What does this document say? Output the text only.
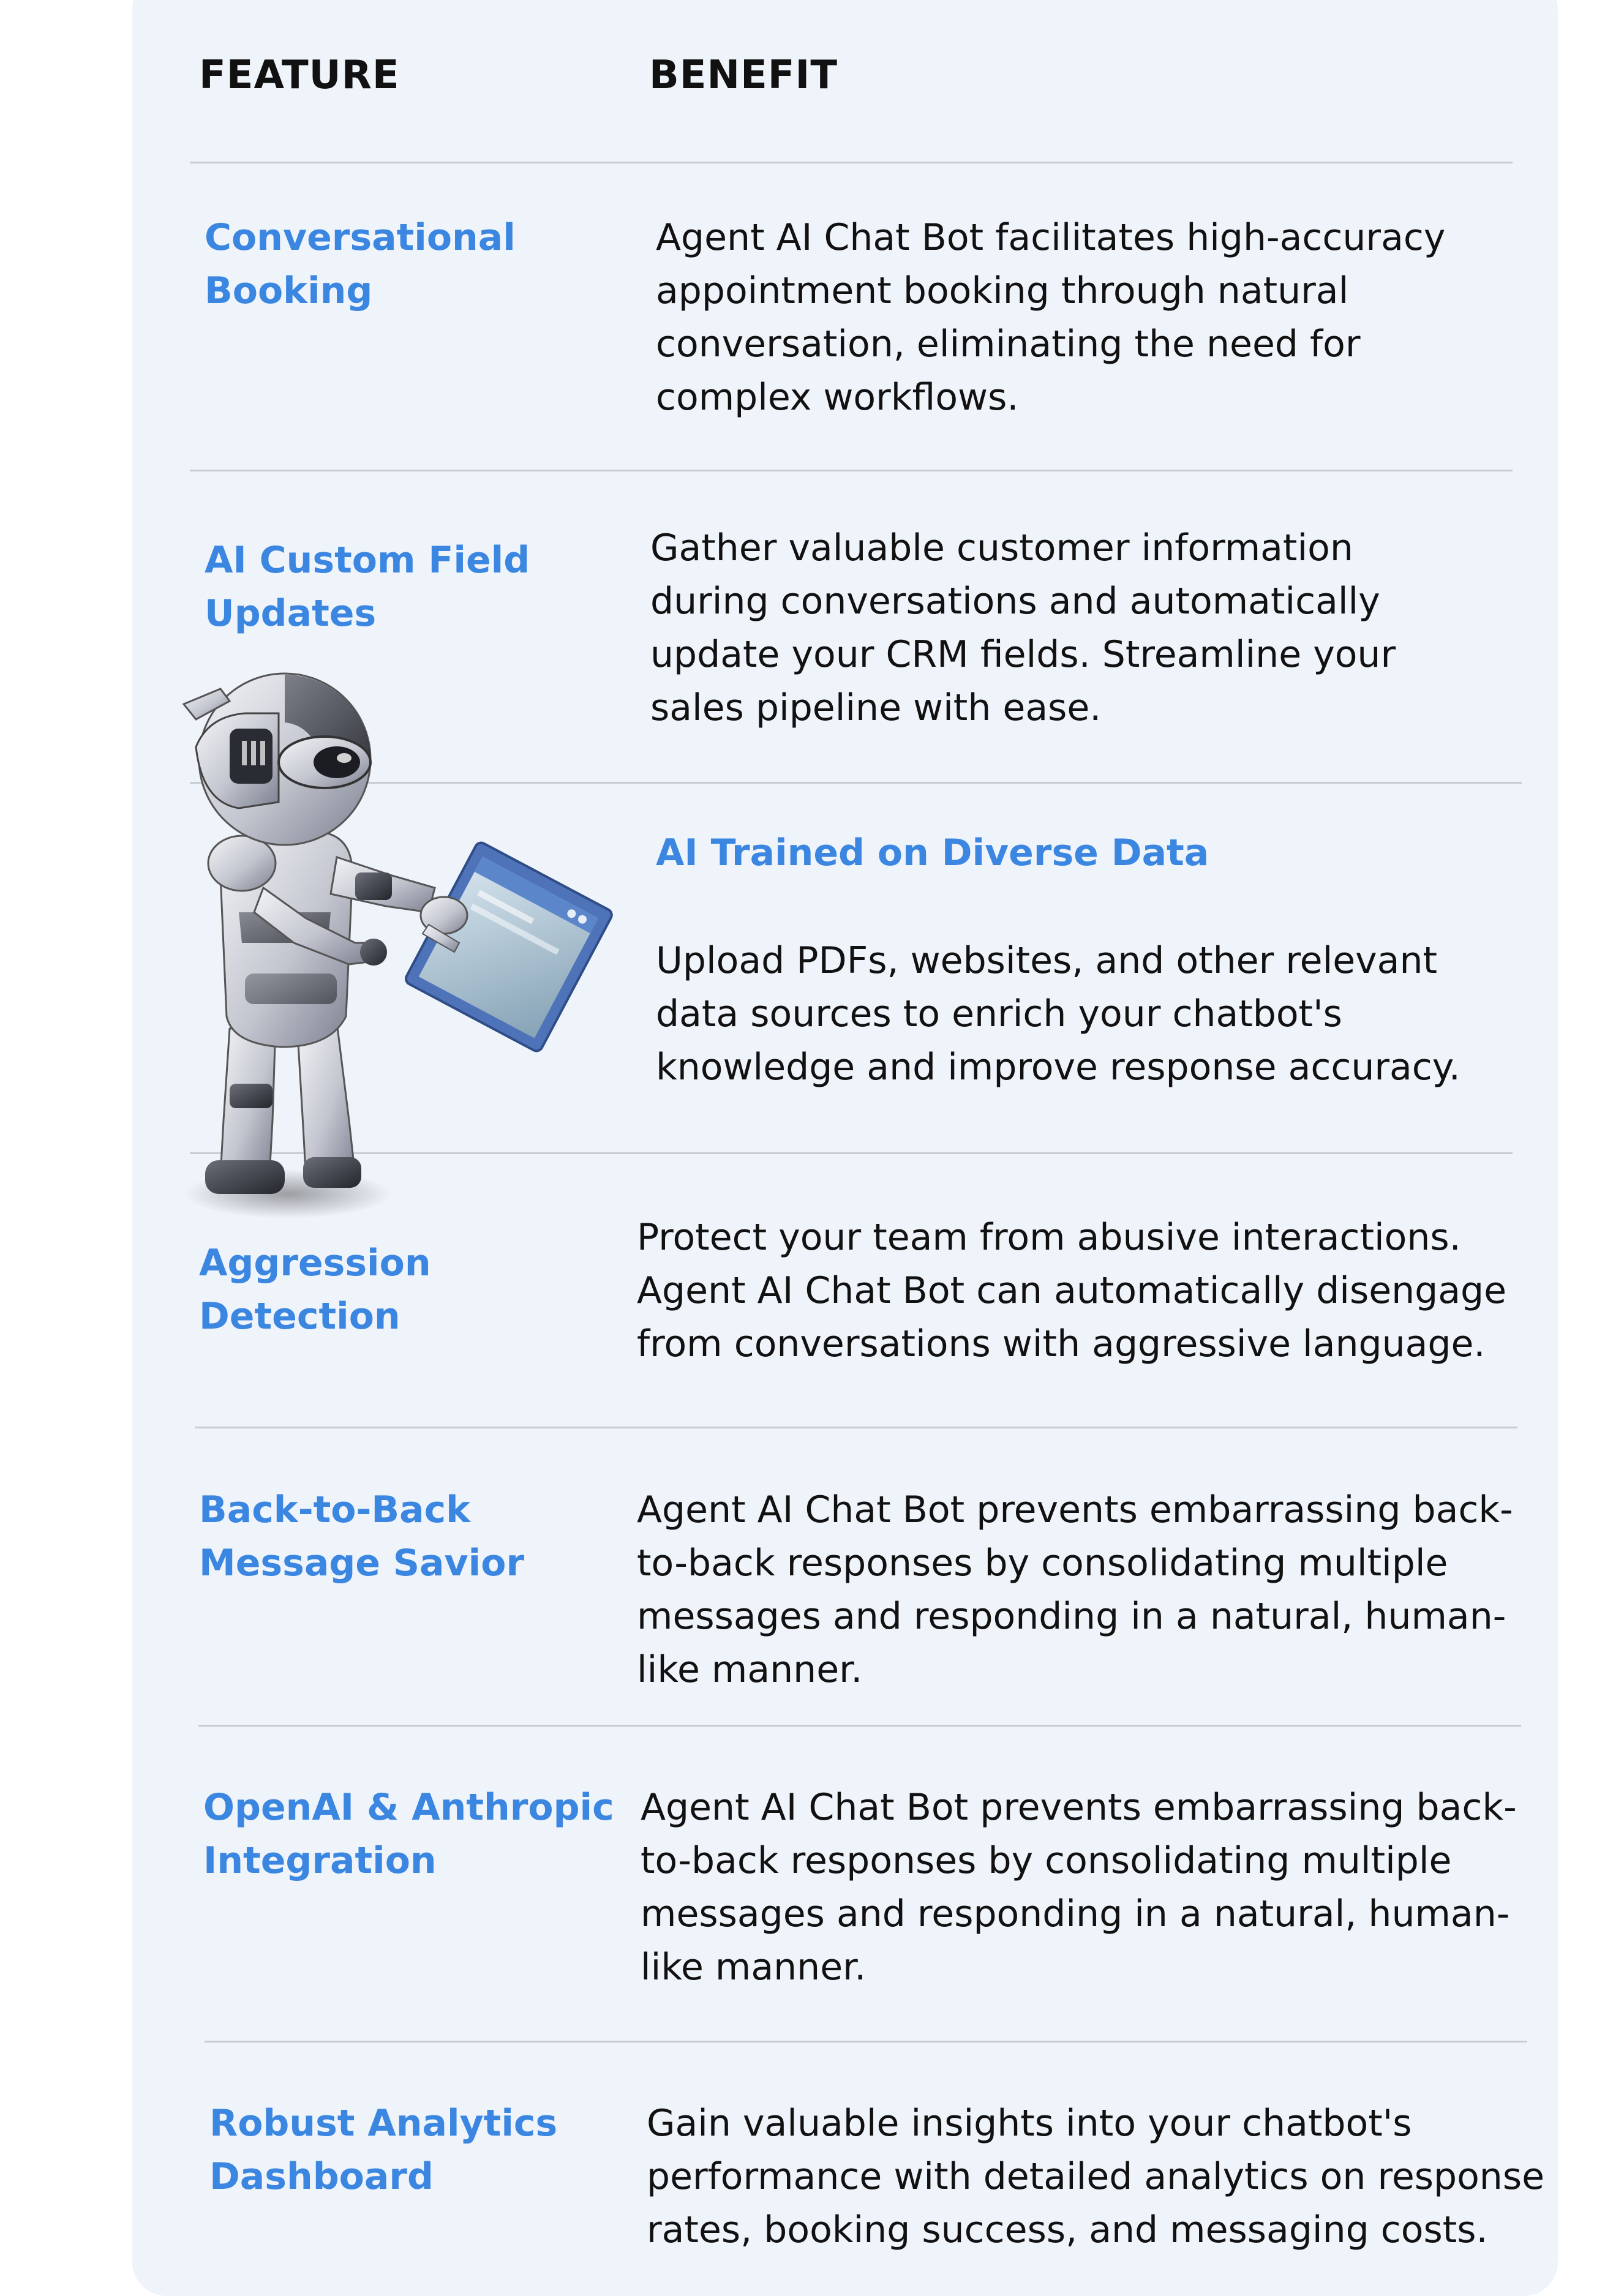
FEATURE	BENEFIT
Conversational
Booking
Agent AI Chat Bot facilitates high-accuracy
appointment booking through natural
conversation, eliminating the need for
complex workflows.
AI Custom Field
Updates
Gather valuable customer information
during conversations and automatically
update your CRM fields. Streamline your
sales pipeline with ease.
AI Trained on Diverse Data
Upload PDFs, websites, and other relevant
data sources to enrich your chatbot's
knowledge and improve response accuracy.
Aggression
Detection
Protect your team from abusive interactions.
Agent AI Chat Bot can automatically disengage
from conversations with aggressive language.
Back-to-Back
Message Savior
Agent AI Chat Bot prevents embarrassing back-
to-back responses by consolidating multiple
messages and responding in a natural, human-
like manner.
OpenAI & Anthropic
Integration
Agent AI Chat Bot prevents embarrassing back-
to-back responses by consolidating multiple
messages and responding in a natural, human-
like manner.
Robust Analytics
Dashboard
Gain valuable insights into your chatbot's
performance with detailed analytics on response
rates, booking success, and messaging costs.
